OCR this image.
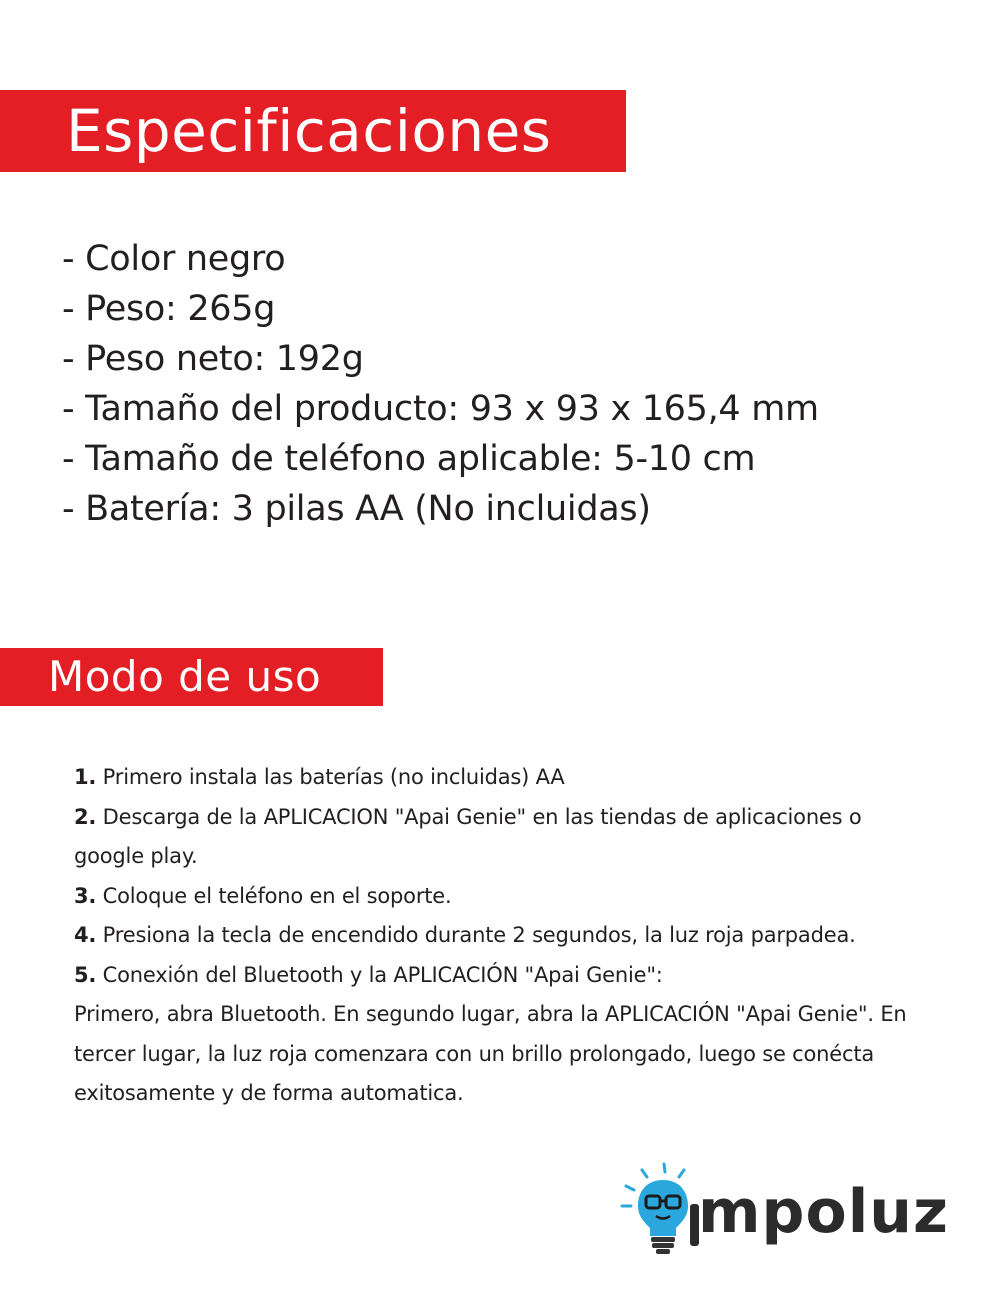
Especificaciones
- Color negro
- Peso: 265g
- Peso neto: 192g
- Tamaño del producto: 93 x 93 x 165,4 mm
- Tamaño de teléfono aplicable: 5-10 cm
- Batería: 3 pilas AA (No incluidas)
Modo de uso

1. Primero instala las baterías (no incluidas) AA

2. Descarga de la APLICACION "Apai Genie" en las tiendas de aplicaciones o google play.

3. Coloque el teléfono en el soporte.

4. Presiona la tecla de encendido durante 2 segundos, la luz roja parpadea.

5. Conexión del Bluetooth y la APLICACIÓN "Apai Genie":

Primero, abra Bluetooth. En segundo lugar, abra la APLICACIÓN "Apai Genie". En tercer lugar, la luz roja comenzara con un brillo prolongado, luego se conécta exitosamente y de forma automatica.

mpoluz
